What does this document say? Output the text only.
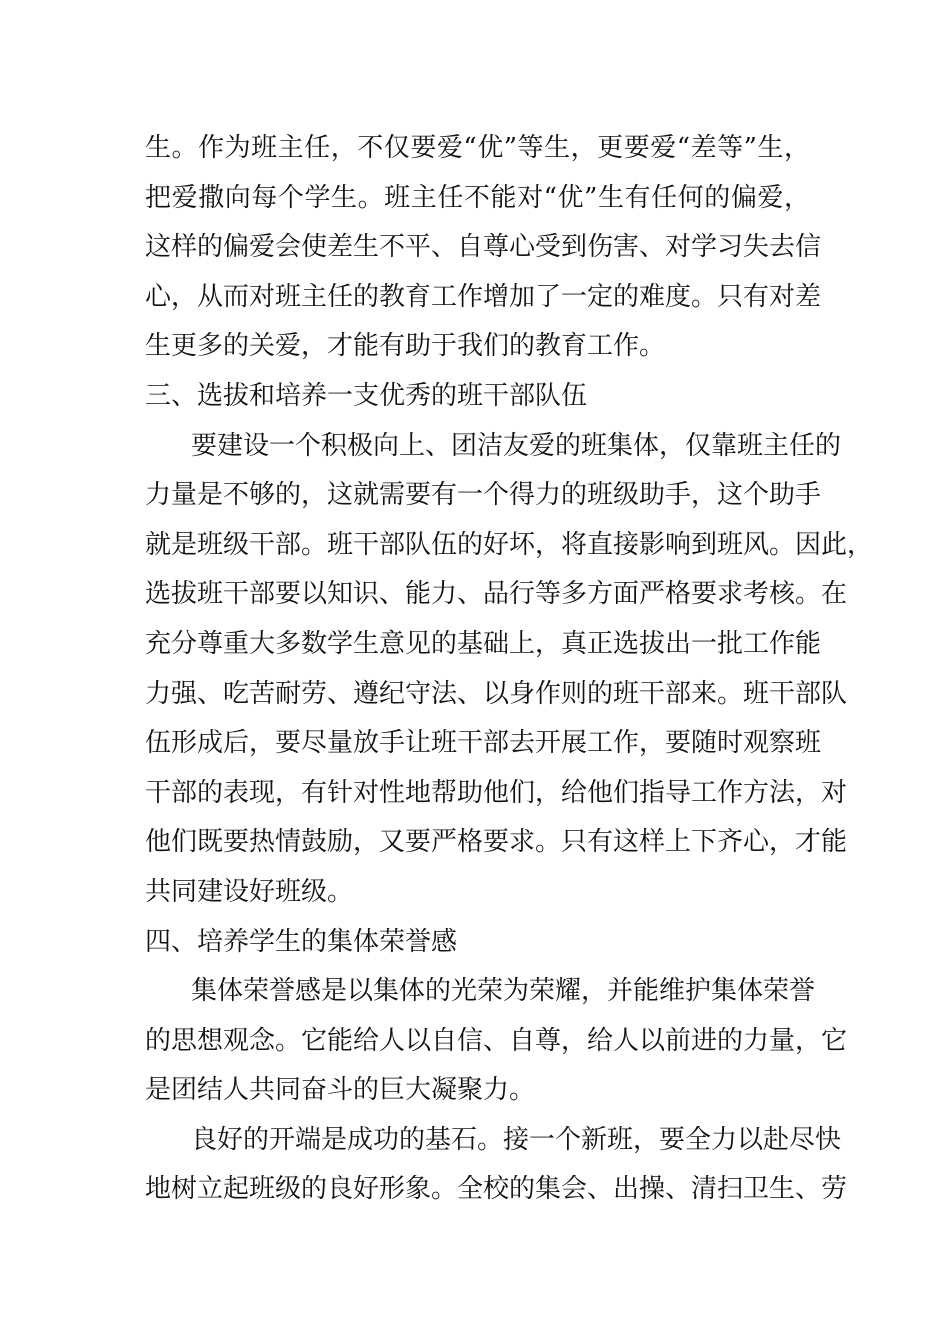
生。作为班主任，不仅要爱“优”等生，更要爱“差等”生，
把爱撒向每个学生。班主任不能对“优”生有任何的偏爱，
这样的偏爱会使差生不平、自尊心受到伤害、对学习失去信
心，从而对班主任的教育工作增加了一定的难度。只有对差
生更多的关爱，才能有助于我们的教育工作。
三、选拔和培养一支优秀的班干部队伍
要建设一个积极向上、团洁友爱的班集体，仅靠班主任的
力量是不够的，这就需要有一个得力的班级助手，这个助手
就是班级干部。班干部队伍的好坏，将直接影响到班风。因此，
选拔班干部要以知识、能力、品行等多方面严格要求考核。在
充分尊重大多数学生意见的基础上，真正选拔出一批工作能
力强、吃苦耐劳、遵纪守法、以身作则的班干部来。班干部队
伍形成后，要尽量放手让班干部去开展工作，要随时观察班
干部的表现，有针对性地帮助他们，给他们指导工作方法，对
他们既要热情鼓励，又要严格要求。只有这样上下齐心，才能
共同建设好班级。
四、培养学生的集体荣誉感
集体荣誉感是以集体的光荣为荣耀，并能维护集体荣誉
的思想观念。它能给人以自信、自尊，给人以前进的力量，它
是团结人共同奋斗的巨大凝聚力。
良好的开端是成功的基石。接一个新班，要全力以赴尽快
地树立起班级的良好形象。全校的集会、出操、清扫卫生、劳
